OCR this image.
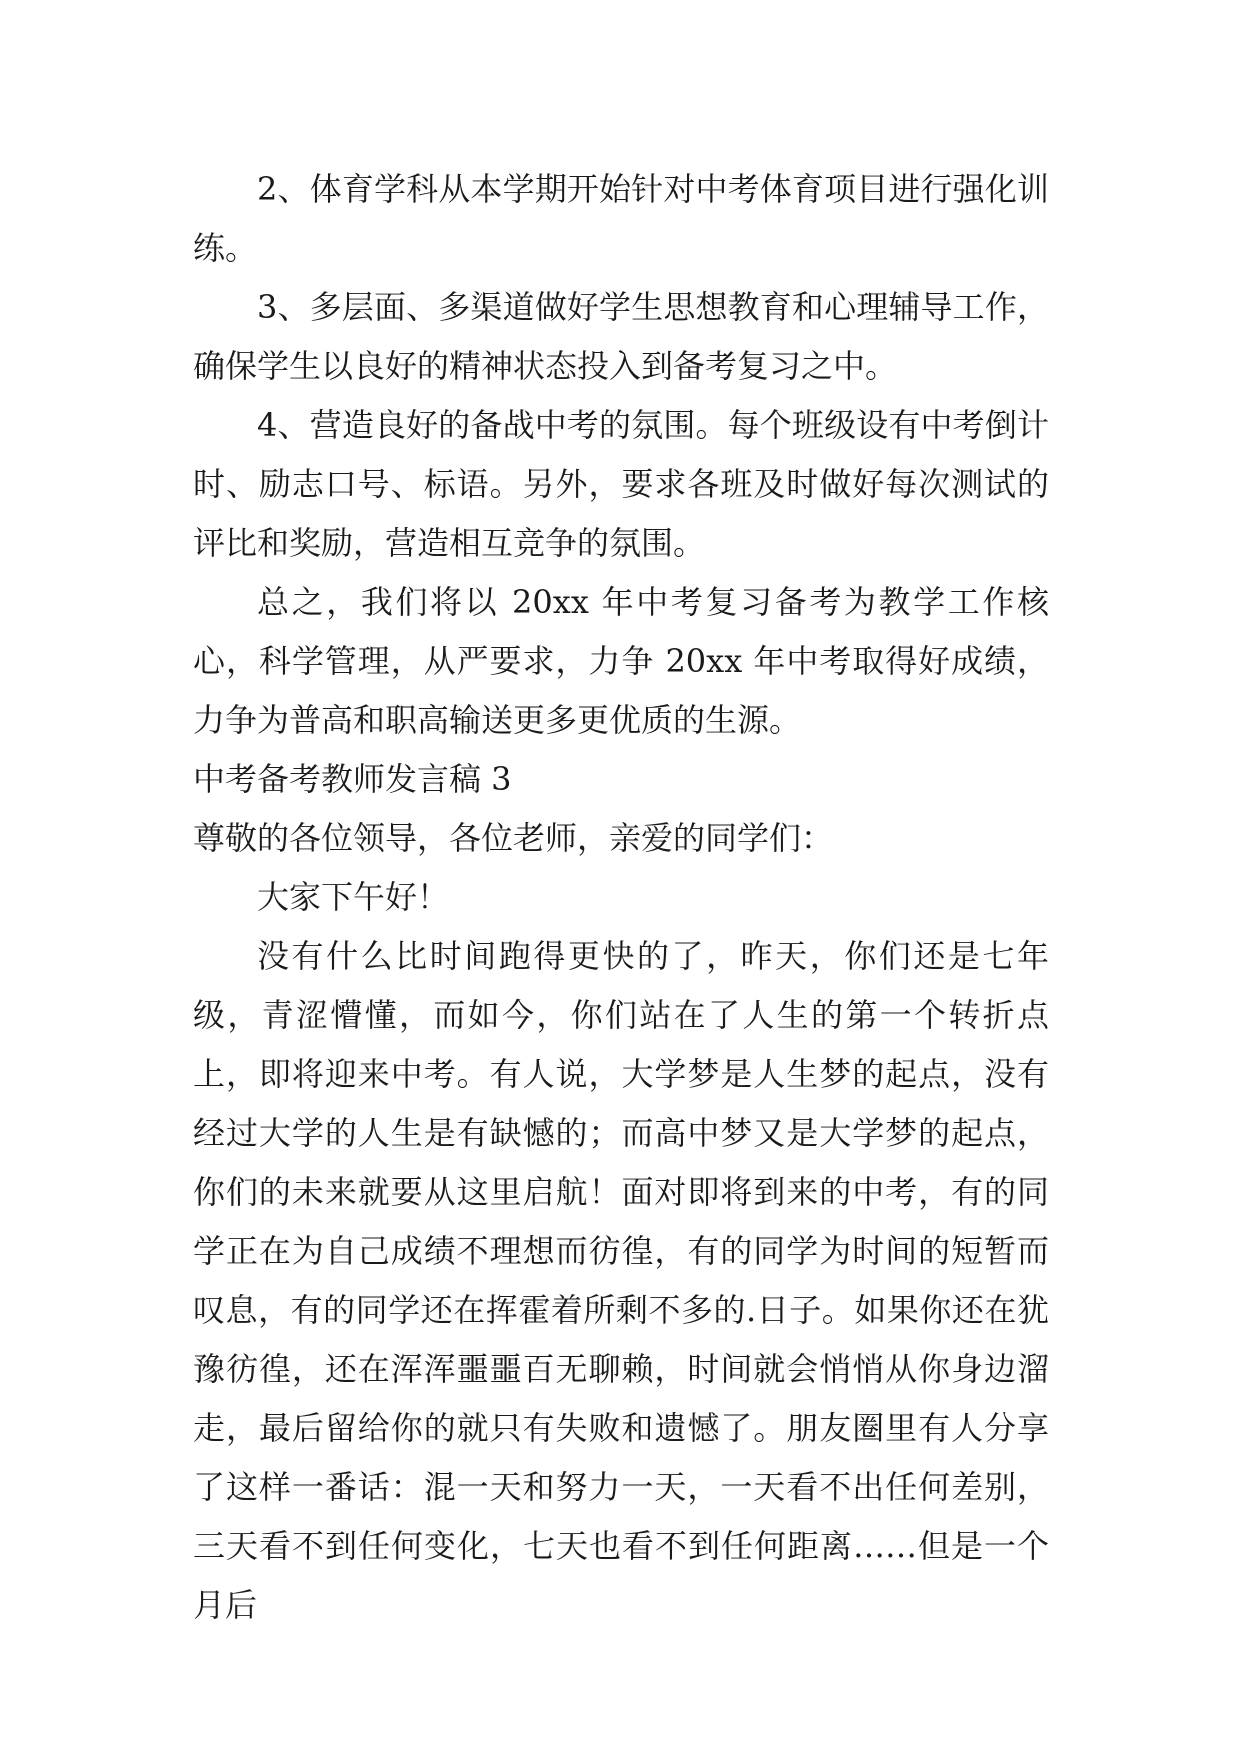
2、体育学科从本学期开始针对中考体育项目进行强化训练。

3、多层面、多渠道做好学生思想教育和心理辅导工作，确保学生以良好的精神状态投入到备考复习之中。

4、营造良好的备战中考的氛围。每个班级设有中考倒计时、励志口号、标语。另外，要求各班及时做好每次测试的评比和奖励，营造相互竞争的氛围。

总之，我们将以 20xx 年中考复习备考为教学工作核心，科学管理，从严要求，力争 20xx 年中考取得好成绩，力争为普高和职高输送更多更优质的生源。

中考备考教师发言稿 3

尊敬的各位领导，各位老师，亲爱的同学们：

大家下午好！

没有什么比时间跑得更快的了，昨天，你们还是七年级，青涩懵懂，而如今，你们站在了人生的第一个转折点上，即将迎来中考。有人说，大学梦是人生梦的起点，没有经过大学的人生是有缺憾的；而高中梦又是大学梦的起点，你们的未来就要从这里启航！面对即将到来的中考，有的同学正在为自己成绩不理想而彷徨，有的同学为时间的短暂而叹息，有的同学还在挥霍着所剩不多的.日子。如果你还在犹豫彷徨，还在浑浑噩噩百无聊赖，时间就会悄悄从你身边溜走，最后留给你的就只有失败和遗憾了。朋友圈里有人分享了这样一番话：混一天和努力一天，一天看不出任何差别，三天看不到任何变化，七天也看不到任何距离……但是一个月后
